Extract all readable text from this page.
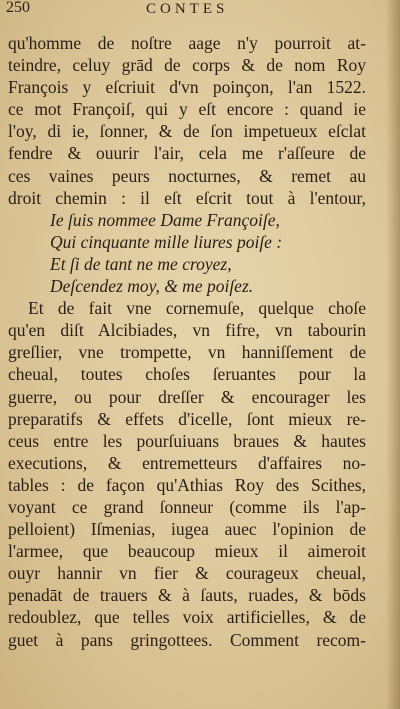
250	CONTES
qu'homme de noſtre aage n'y pourroit at-
teindre, celuy grād de corps & de nom Roy
François y eſcriuit d'vn poinçon, l'an 1522.
ce mot Françoiſ, qui y eſt encore : quand ie
l'oy, di ie, ſonner, & de ſon impetueux eſclat
fendre & ouurir l'air, cela me r'aſſeure de
ces vaines peurs nocturnes, & remet au
droit chemin : il eſt eſcrit tout à l'entour,
Ie ſuis nommee Dame Françoiſe,
Qui cinquante mille liures poiſe :
Et ſi de tant ne me croyez,
Deſcendez moy, & me poiſez.
Et de fait vne cornemuſe, quelque choſe
qu'en diſt Alcibiades, vn fifre, vn tabourin
greſlier, vne trompette, vn hanniſſement de
cheual, toutes choſes ſeruantes pour la
guerre, ou pour dreſſer & encourager les
preparatifs & effets d'icelle, ſont mieux re-
ceus entre les pourſuiuans braues & hautes
executions, & entremetteurs d'affaires no-
tables : de façon qu'Athias Roy des Scithes,
voyant ce grand ſonneur (comme ils l'ap-
pelloient) Iſmenias, iugea auec l'opinion de
l'armee, que beaucoup mieux il aimeroit
ouyr hannir vn fier & courageux cheual,
penadāt de trauers & à ſauts, ruades, & bōds
redoublez, que telles voix artificielles, & de
guet à pans gringottees. Comment recom-
